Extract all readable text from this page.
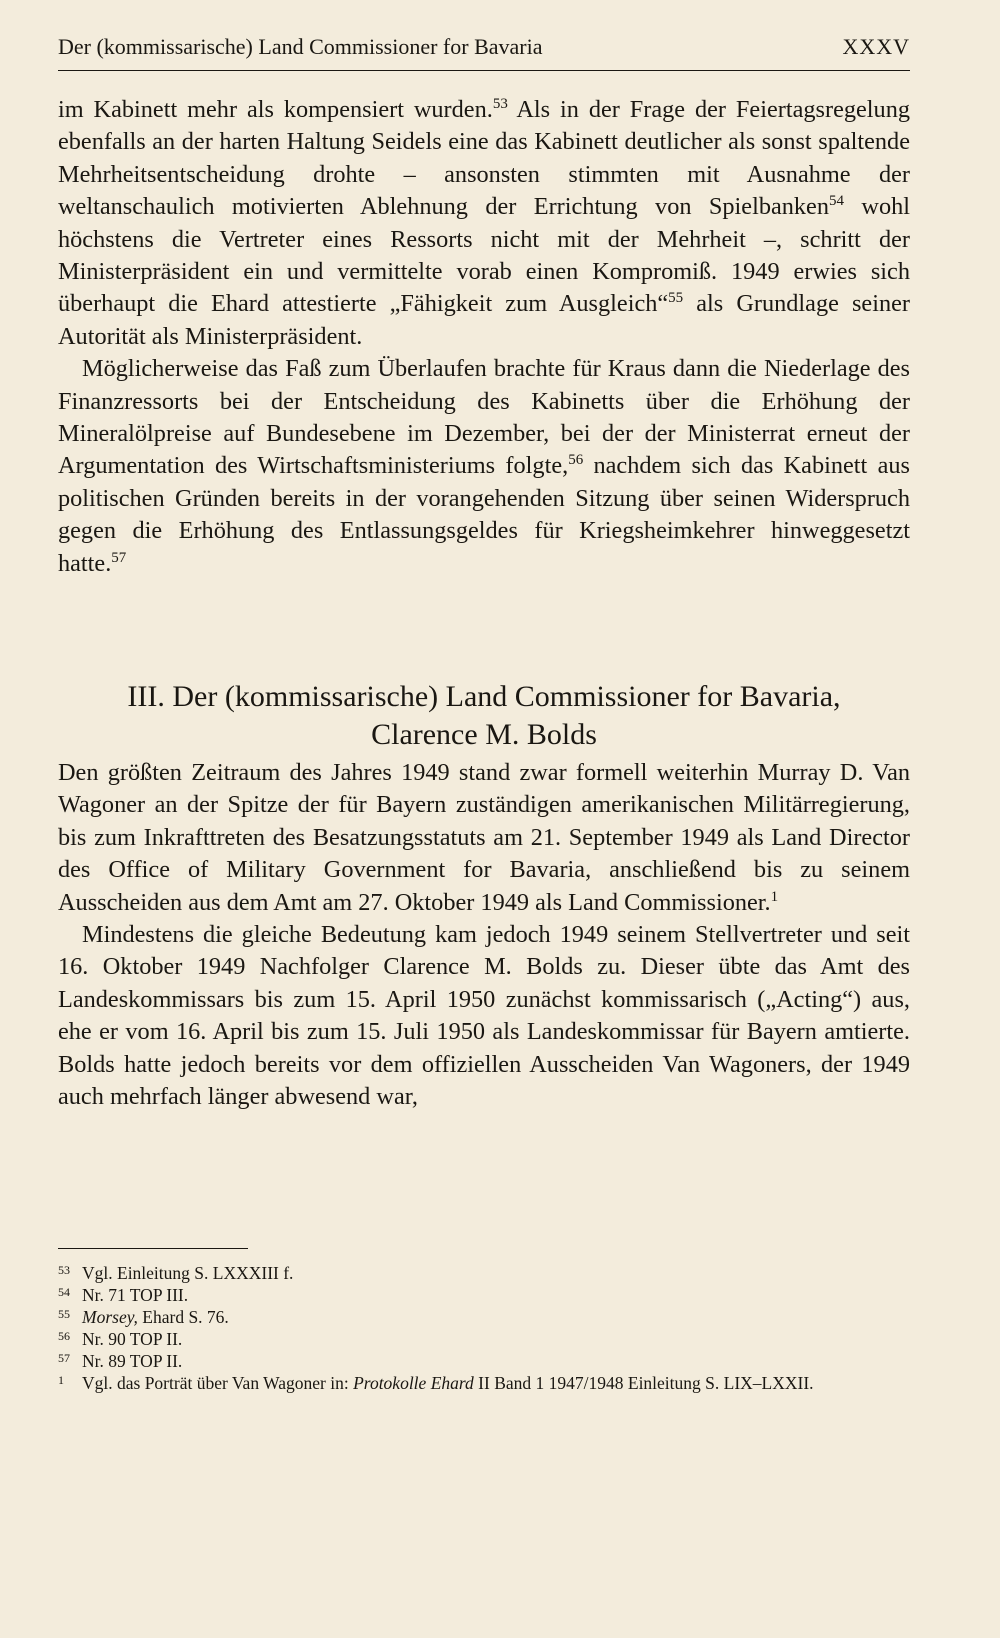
Der (kommissarische) Land Commissioner for Bavaria	XXXV

im Kabinett mehr als kompensiert wurden.$^{53}$ Als in der Frage der Feiertagsregelung ebenfalls an der harten Haltung Seidels eine das Kabinett deutlicher als sonst spaltende Mehrheitsentscheidung drohte – ansonsten stimmten mit Ausnahme der weltanschaulich motivierten Ablehnung der Errichtung von Spielbanken$^{54}$ wohl höchstens die Vertreter eines Ressorts nicht mit der Mehrheit –, schritt der Ministerpräsident ein und vermittelte vorab einen Kompromiß. 1949 erwies sich überhaupt die Ehard attestierte „Fähigkeit zum Ausgleich“$^{55}$ als Grundlage seiner Autorität als Ministerpräsident.

Möglicherweise das Faß zum Überlaufen brachte für Kraus dann die Niederlage des Finanzressorts bei der Entscheidung des Kabinetts über die Erhöhung der Mineralölpreise auf Bundesebene im Dezember, bei der der Ministerrat erneut der Argumentation des Wirtschaftsministeriums folgte,$^{56}$ nachdem sich das Kabinett aus politischen Gründen bereits in der vorangehenden Sitzung über seinen Widerspruch gegen die Erhöhung des Entlassungsgeldes für Kriegsheimkehrer hinweggesetzt hatte.$^{57}$

III. Der (kommissarische) Land Commissioner for Bavaria,
Clarence M. Bolds

Den größten Zeitraum des Jahres 1949 stand zwar formell weiterhin Murray D. Van Wagoner an der Spitze der für Bayern zuständigen amerikanischen Militärregierung, bis zum Inkrafttreten des Besatzungsstatuts am 21. September 1949 als Land Director des Office of Military Government for Bavaria, anschließend bis zu seinem Ausscheiden aus dem Amt am 27. Oktober 1949 als Land Commissioner.$^1$

Mindestens die gleiche Bedeutung kam jedoch 1949 seinem Stellvertreter und seit 16. Oktober 1949 Nachfolger Clarence M. Bolds zu. Dieser übte das Amt des Landeskommissars bis zum 15. April 1950 zunächst kommissarisch („Acting“) aus, ehe er vom 16. April bis zum 15. Juli 1950 als Landeskommissar für Bayern amtierte. Bolds hatte jedoch bereits vor dem offiziellen Ausscheiden Van Wagoners, der 1949 auch mehrfach länger abwesend war,

53 Vgl. Einleitung S. LXXXIII f.
54 Nr. 71 TOP III.
55 Morsey, Ehard S. 76.
56 Nr. 90 TOP II.
57 Nr. 89 TOP II.
1	Vgl. das Porträt über Van Wagoner in: Protokolle Ehard II Band 1 1947/1948 Einleitung S. LIX–LXXII.
